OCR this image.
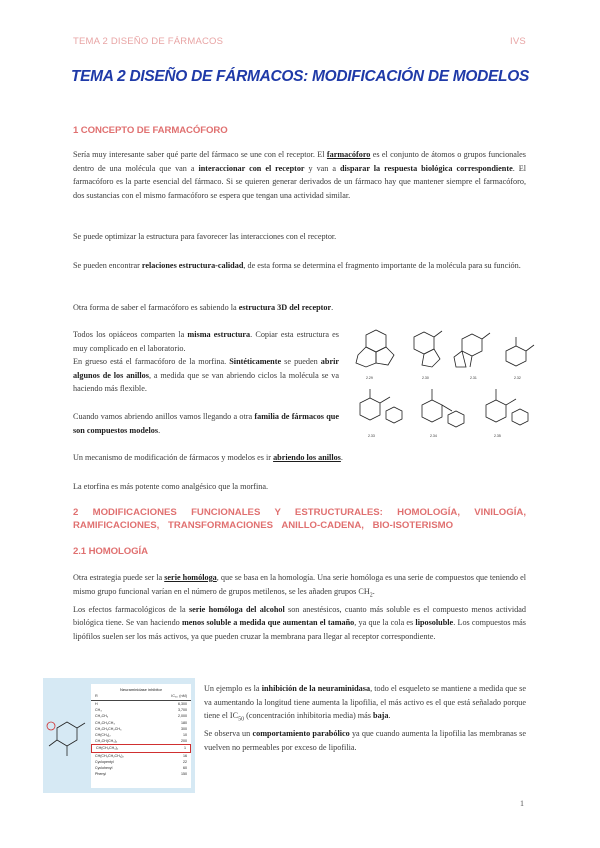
TEMA 2 DISEÑO DE FÁRMACOS	IVS
TEMA 2 DISEÑO DE FÁRMACOS: MODIFICACIÓN DE MODELOS
1 CONCEPTO DE FARMACÓFORO
Sería muy interesante saber qué parte del fármaco se une con el receptor. El farmacóforo es el conjunto de átomos o grupos funcionales dentro de una molécula que van a interaccionar con el receptor y van a disparar la respuesta biológica correspondiente. El farmacóforo es la parte esencial del fármaco. Si se quieren generar derivados de un fármaco hay que mantener siempre el farmacóforo, dos sustancias con el mismo farmacóforo se espera que tengan una actividad similar.
Se puede optimizar la estructura para favorecer las interacciones con el receptor.
Se pueden encontrar relaciones estructura-calidad, de esta forma se determina el fragmento importante de la molécula para su función.
Otra forma de saber el farmacóforo es sabiendo la estructura 3D del receptor.
Todos los opiáceos comparten la misma estructura. Copiar esta estructura es muy complicado en el laboratorio.
En grueso está el farmacóforo de la morfina. Sintéticamente se pueden abrir algunos de los anillos, a medida que se van abriendo ciclos la molécula se va haciendo más flexible.
Cuando vamos abriendo anillos vamos llegando a otra familia de fármacos que son compuestos modelos.
2.29	2.30	2.31	2.32
2.33	2.34	2.35
Un mecanismo de modificación de fármacos y modelos es ir abriendo los anillos.
La etorfina es más potente como analgésico que la morfina.
2 MODIFICACIONES FUNCIONALES Y ESTRUCTURALES: HOMOLOGÍA, VINILOGÍA, RAMIFICACIONES, TRANSFORMACIONES ANILLO-CADENA, BIO-ISOTERISMO
2.1 HOMOLOGÍA
Otra estrategia puede ser la serie homóloga, que se basa en la homología. Una serie homóloga es una serie de compuestos que teniendo el mismo grupo funcional varían en el número de grupos metilenos, se les añaden grupos $CH_2$.
Los efectos farmacológicos de la serie homóloga del alcohol son anestésicos, cuanto más soluble es el compuesto menos actividad biológica tiene. Se van haciendo menos soluble a medida que aumentan el tamaño, ya que la cola es liposoluble. Los compuestos más lipófilos suelen ser los más activos, ya que pueden cruzar la membrana para llegar al receptor correspondiente.
Neuraminidase inhibitor
R	IC₅₀ (nM)
H	6,300
CH₃	3,700
CH₂CH₃	2,000
CH₂CH₂CH₃	180
CH₂CH₂CH₂CH₃	300
CH(CH₃)₂	10
CH₂CH(CH₃)₂	200
CH(CH₂CH₃)₂	1
CH(CH₂CH₂CH₃)₂	16
Cyclopentyl	22
Cyclohexyl	60
Phenyl	150
Un ejemplo es la inhibición de la neuraminidasa, todo el esqueleto se mantiene a medida que se va aumentando la longitud tiene aumenta la lipofilia, el más activo es el que está señalado porque tiene el $IC_{50}$ (concentración inhibitoria media) más baja.
Se observa un comportamiento parabólico ya que cuando aumenta la lipofilia las membranas se vuelven no permeables por exceso de lipofilia.
1
